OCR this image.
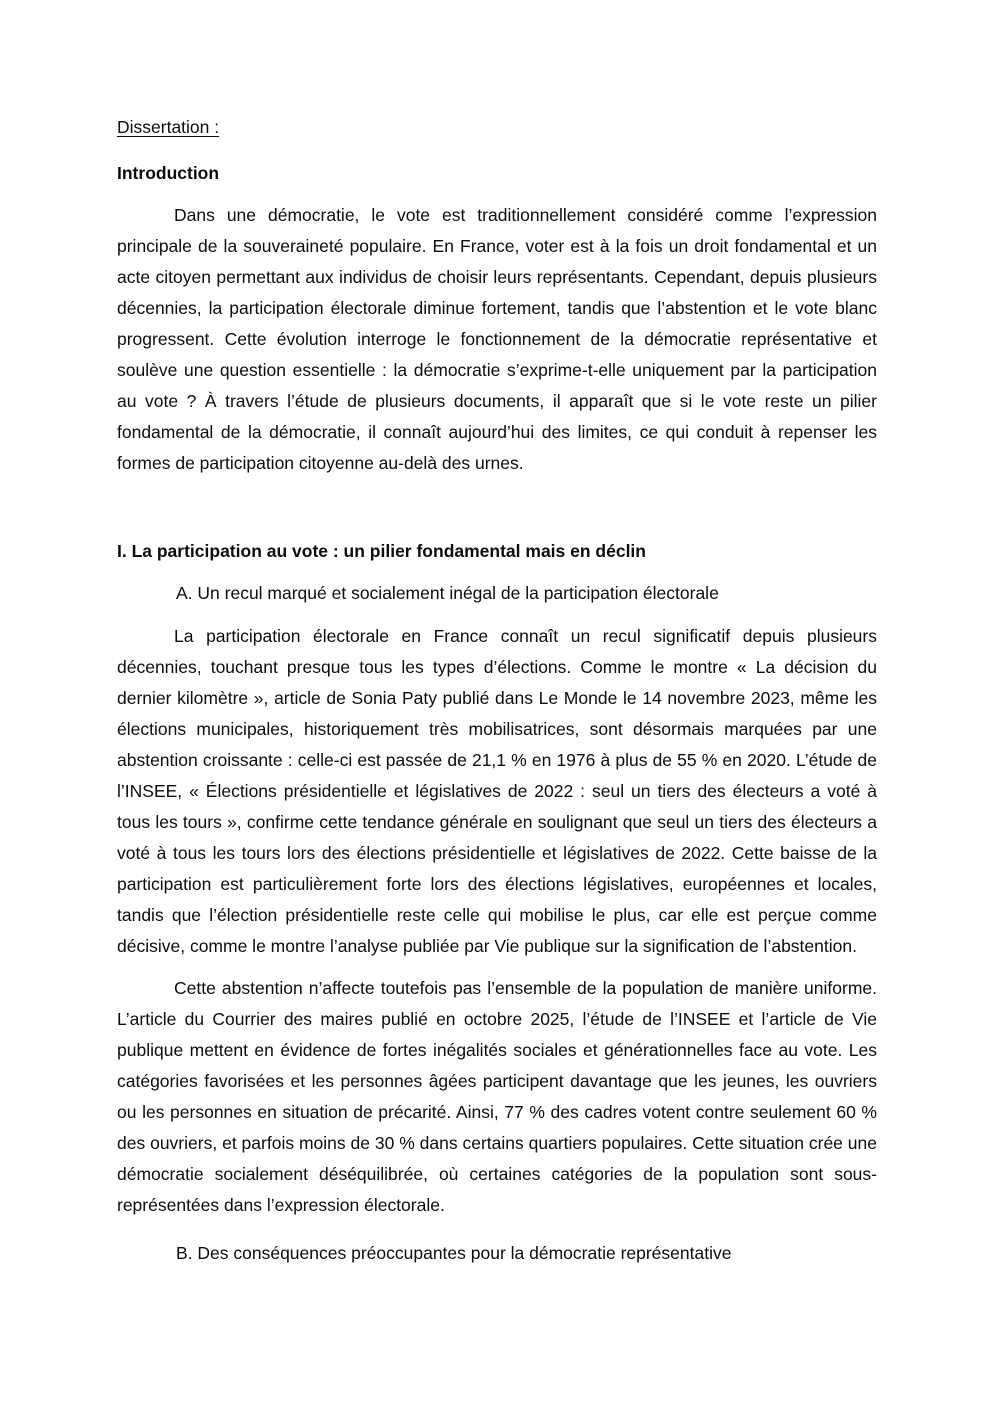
Dissertation :
Introduction

Dans une démocratie, le vote est traditionnellement considéré comme l’expression principale de la souveraineté populaire. En France, voter est à la fois un droit fondamental et un acte citoyen permettant aux individus de choisir leurs représentants. Cependant, depuis plusieurs décennies, la participation électorale diminue fortement, tandis que l’abstention et le vote blanc progressent. Cette évolution interroge le fonctionnement de la démocratie représentative et soulève une question essentielle : la démocratie s’exprime-t-elle uniquement par la participation au vote ? À travers l’étude de plusieurs documents, il apparaît que si le vote reste un pilier fondamental de la démocratie, il connaît aujourd’hui des limites, ce qui conduit à repenser les formes de participation citoyenne au-delà des urnes.

I. La participation au vote : un pilier fondamental mais en déclin
A. Un recul marqué et socialement inégal de la participation électorale

La participation électorale en France connaît un recul significatif depuis plusieurs décennies, touchant presque tous les types d’élections. Comme le montre « La décision du dernier kilomètre », article de Sonia Paty publié dans Le Monde le 14 novembre 2023, même les élections municipales, historiquement très mobilisatrices, sont désormais marquées par une abstention croissante : celle-ci est passée de 21,1 % en 1976 à plus de 55 % en 2020. L’étude de l’INSEE, « Élections présidentielle et législatives de 2022 : seul un tiers des électeurs a voté à tous les tours », confirme cette tendance générale en soulignant que seul un tiers des électeurs a voté à tous les tours lors des élections présidentielle et législatives de 2022. Cette baisse de la participation est particulièrement forte lors des élections législatives, européennes et locales, tandis que l’élection présidentielle reste celle qui mobilise le plus, car elle est perçue comme décisive, comme le montre l’analyse publiée par Vie publique sur la signification de l’abstention.

Cette abstention n’affecte toutefois pas l’ensemble de la population de manière uniforme. L’article du Courrier des maires publié en octobre 2025, l’étude de l’INSEE et l’article de Vie publique mettent en évidence de fortes inégalités sociales et générationnelles face au vote. Les catégories favorisées et les personnes âgées participent davantage que les jeunes, les ouvriers ou les personnes en situation de précarité. Ainsi, 77 % des cadres votent contre seulement 60 % des ouvriers, et parfois moins de 30 % dans certains quartiers populaires. Cette situation crée une démocratie socialement déséquilibrée, où certaines catégories de la population sont sous-représentées dans l’expression électorale.

B. Des conséquences préoccupantes pour la démocratie représentative
